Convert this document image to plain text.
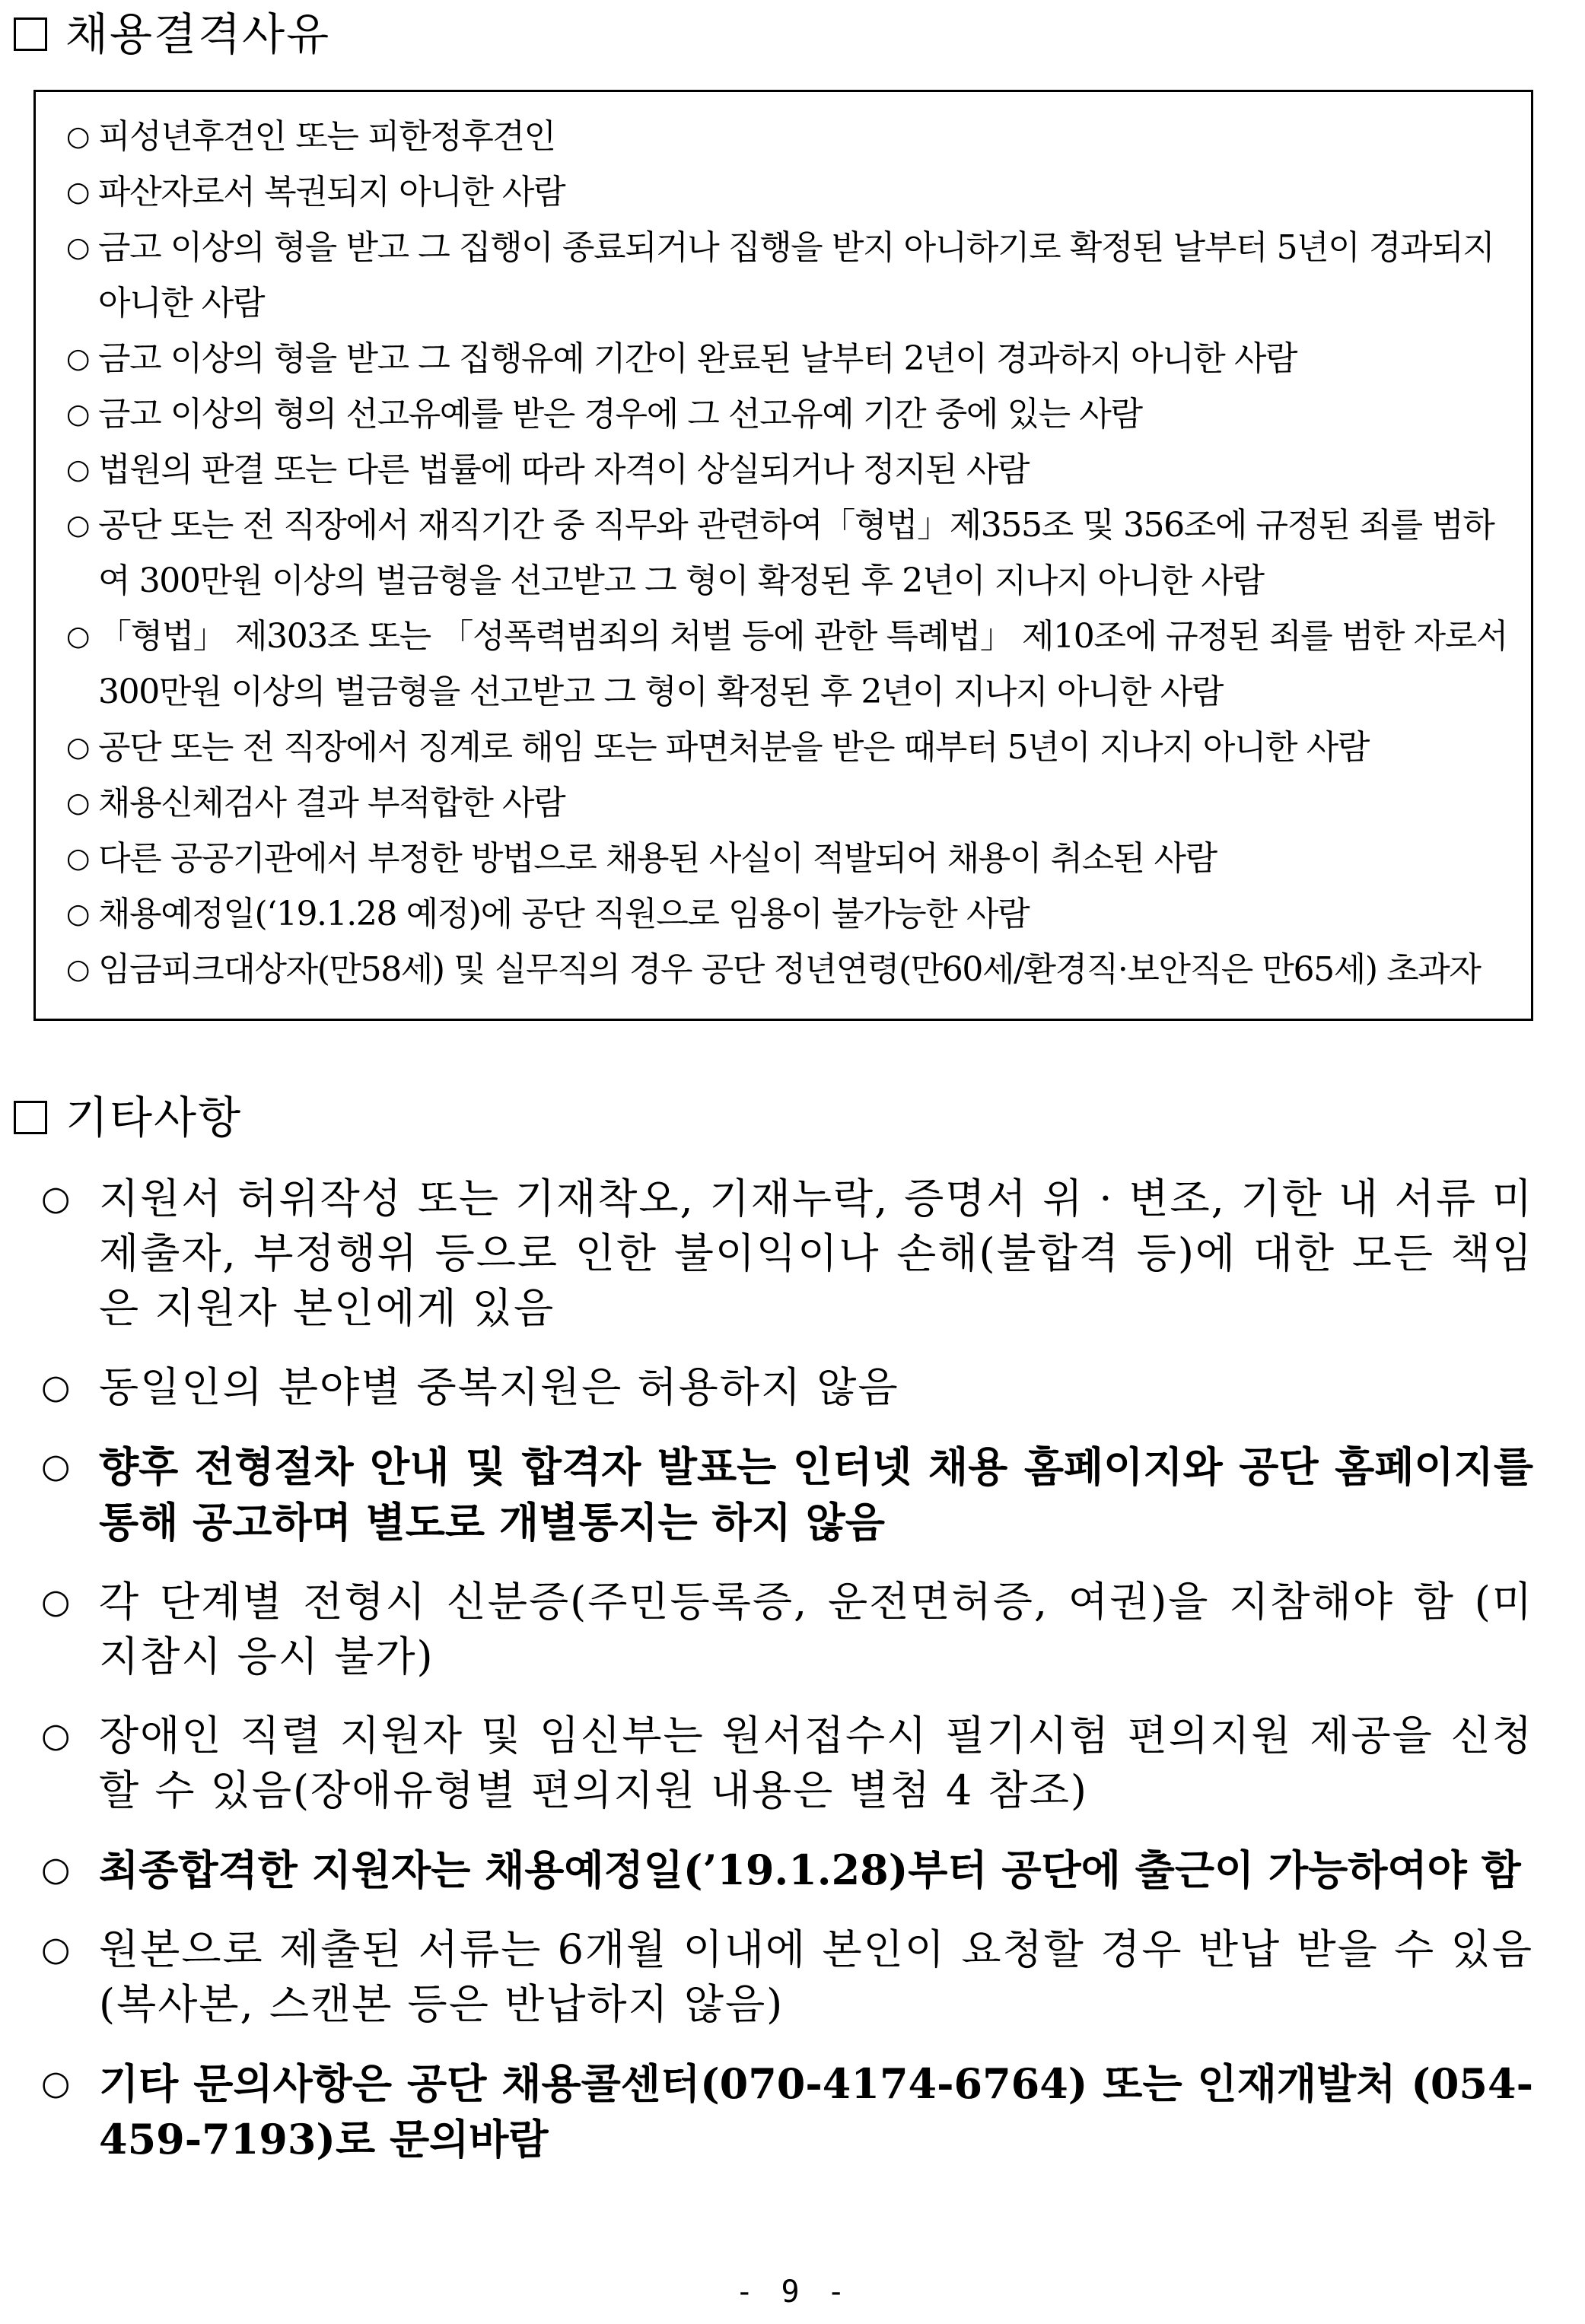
채용결격사유
○ 피성년후견인 또는 피한정후견인
○ 파산자로서 복권되지 아니한 사람
○ 금고 이상의 형을 받고 그 집행이 종료되거나 집행을 받지 아니하기로 확정된 날부터 5년이 경과되지 아니한 사람
○ 금고 이상의 형을 받고 그 집행유예 기간이 완료된 날부터 2년이 경과하지 아니한 사람
○ 금고 이상의 형의 선고유예를 받은 경우에 그 선고유예 기간 중에 있는 사람
○ 법원의 판결 또는 다른 법률에 따라 자격이 상실되거나 정지된 사람
○ 공단 또는 전 직장에서 재직기간 중 직무와 관련하여「형법」제355조 및 356조에 규정된 죄를 범하여 300만원 이상의 벌금형을 선고받고 그 형이 확정된 후 2년이 지나지 아니한 사람
○ 「형법」 제303조 또는 「성폭력범죄의 처벌 등에 관한 특례법」 제10조에 규정된 죄를 범한 자로서 300만원 이상의 벌금형을 선고받고 그 형이 확정된 후 2년이 지나지 아니한 사람
○ 공단 또는 전 직장에서 징계로 해임 또는 파면처분을 받은 때부터 5년이 지나지 아니한 사람
○ 채용신체검사 결과 부적합한 사람
○ 다른 공공기관에서 부정한 방법으로 채용된 사실이 적발되어 채용이 취소된 사람
○ 채용예정일(‘19.1.28 예정)에 공단 직원으로 임용이 불가능한 사람
○ 임금피크대상자(만58세) 및 실무직의 경우 공단 정년연령(만60세/환경직·보안직은 만65세) 초과자
기타사항
○ 지원서 허위작성 또는 기재착오, 기재누락, 증명서 위 · 변조, 기한 내 서류 미제출자, 부정행위 등으로 인한 불이익이나 손해(불합격 등)에 대한 모든 책임은 지원자 본인에게 있음
○ 동일인의 분야별 중복지원은 허용하지 않음
○ 향후 전형절차 안내 및 합격자 발표는 인터넷 채용 홈페이지와 공단 홈페이지를 통해 공고하며 별도로 개별통지는 하지 않음
○ 각 단계별 전형시 신분증(주민등록증, 운전면허증, 여권)을 지참해야 함 (미지참시 응시 불가)
○ 장애인 직렬 지원자 및 임신부는 원서접수시 필기시험 편의지원 제공을 신청할 수 있음(장애유형별 편의지원 내용은 별첨 4 참조)
○ 최종합격한 지원자는 채용예정일(’19.1.28)부터 공단에 출근이 가능하여야 함
○ 원본으로 제출된 서류는 6개월 이내에 본인이 요청할 경우 반납 받을 수 있음(복사본, 스캔본 등은 반납하지 않음)
○ 기타 문의사항은 공단 채용콜센터(070-4174-6764) 또는 인재개발처 (054-459-7193)로 문의바람
- 9 -
